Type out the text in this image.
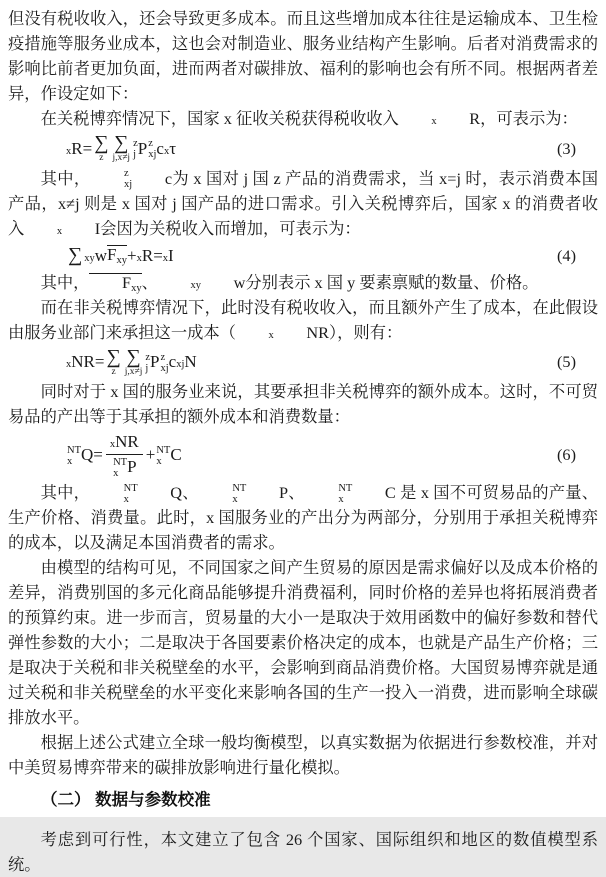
但没有税收收入，还会导致更多成本。而且这些增加成本往往是运输成本、卫生检疫措施等服务业成本，这也会对制造业、服务业结构产生影响。后者对消费需求的影响比前者更加负面，进而两者对碳排放、福利的影响也会有所不同。根据两者差异，作设定如下：

在关税博弈情况下，国家 x 征收关税获得税收收入	x	R ，可表示为：

x R = ∑
z
∑
j,x≠j
z
j P z
xj c x τ	(3)

其中，	z
xj	c 为 x 国对 j 国 z 产品的消费需求，当 x=j 时，表示消费本国产品，x≠j 则是 x 国对 j 国产品的进口需求。引入关税博弈后，国家 x 的消费者收入	x	I 会因为关税收入而增加，可表示为：

∑ xy w $F_{xy} + x$ R = x I	(4)

其中，	$F_{xy}$ 、	xy	w 分别表示 x 国 y 要素禀赋的数量、价格。

而在非关税博弈情况下，此时没有税收收入，而且额外产生了成本，在此假设由服务业部门来承担这一成本（	x	NR ），则有：

x NR = ∑
z
∑
j,x≠j
z
j P z
xj c xj N	(5)

同时对于 x 国的服务业来说，其要承担非关税博弈的额外成本。这时，不可贸易品的产出等于其承担的额外成本和消费数量：

NT
x Q = x NR
NT
x P + NT
x C	(6)

其中，	NT
x	Q 、	NT
x	P 、	NT
x	C 是 x 国不可贸易品的产量、生产价格、消费量。此时，x 国服务业的产出分为两部分，分别用于承担关税博弈的成本，以及满足本国消费者的需求。

由模型的结构可见，不同国家之间产生贸易的原因是需求偏好以及成本价格的差异，消费别国的多元化商品能够提升消费福利，同时价格的差异也将拓展消费者的预算约束。进一步而言，贸易量的大小一是取决于效用函数中的偏好参数和替代弹性参数的大小；二是取决于各国要素价格决定的成本，也就是产品生产价格；三是取决于关税和非关税壁垒的水平，会影响到商品消费价格。大国贸易博弈就是通过关税和非关税壁垒的水平变化来影响各国的生产一投入一消费，进而影响全球碳排放水平。

根据上述公式建立全球一般均衡模型，以真实数据为依据进行参数校准，并对中美贸易博弈带来的碳排放影响进行量化模拟。

（二） 数据与参数校准

考虑到可行性，本文建立了包含 26 个国家、国际组织和地区的数值模型系统。
